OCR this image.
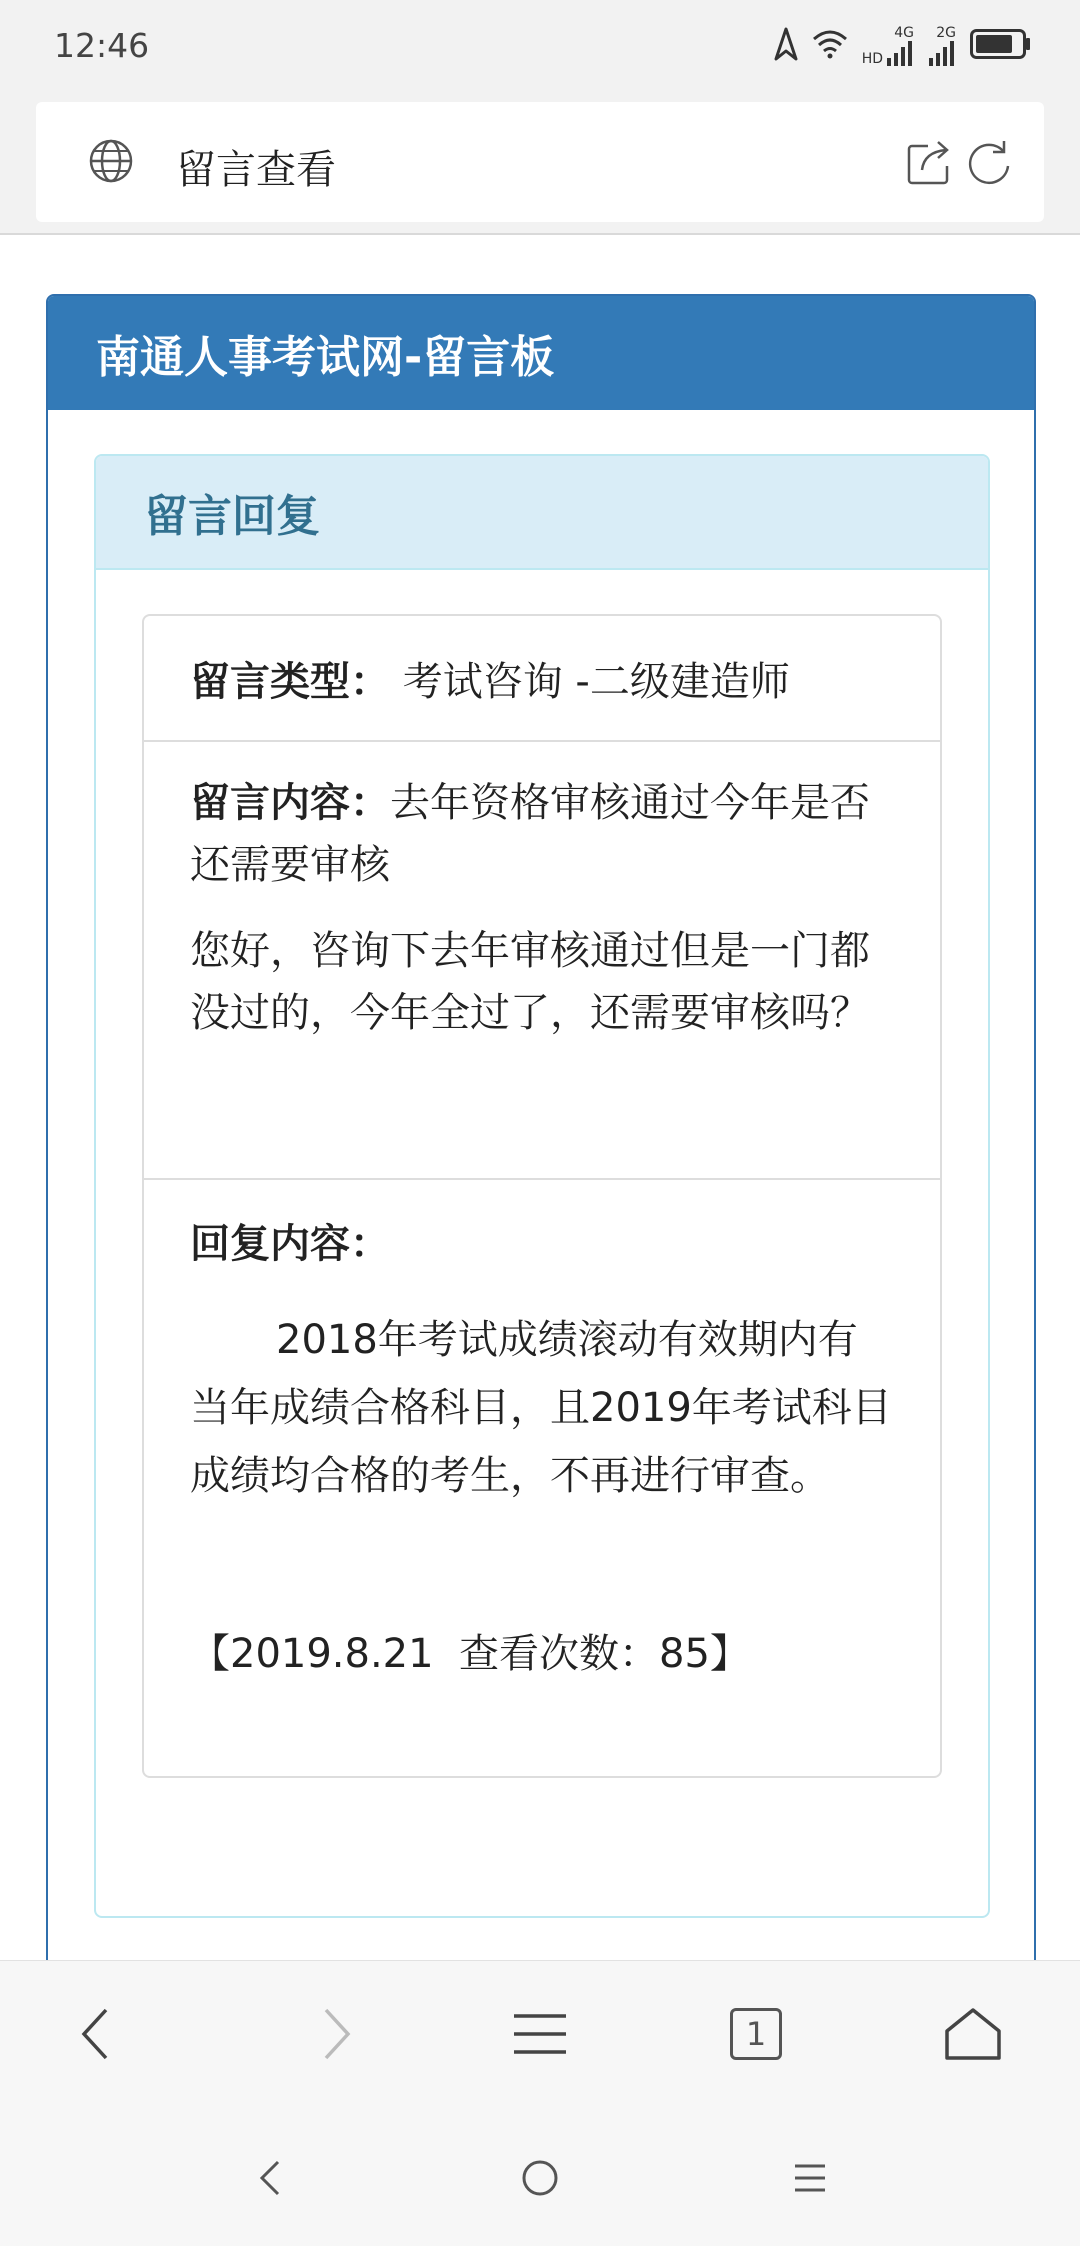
12:46	4G
HD
2G
留言查看
南通人事考试网-留言板
留言回复
留言类型： 考试咨询 -二级建造师
留言内容：去年资格审核通过今年是否还需要审核
您好，咨询下去年审核通过但是一门都没过的，今年全过了，还需要审核吗？
回复内容：
2018年考试成绩滚动有效期内有当年成绩合格科目，且2019年考试科目成绩均合格的考生，不再进行审查。
【2019.8.21  查看次数：85】
1
